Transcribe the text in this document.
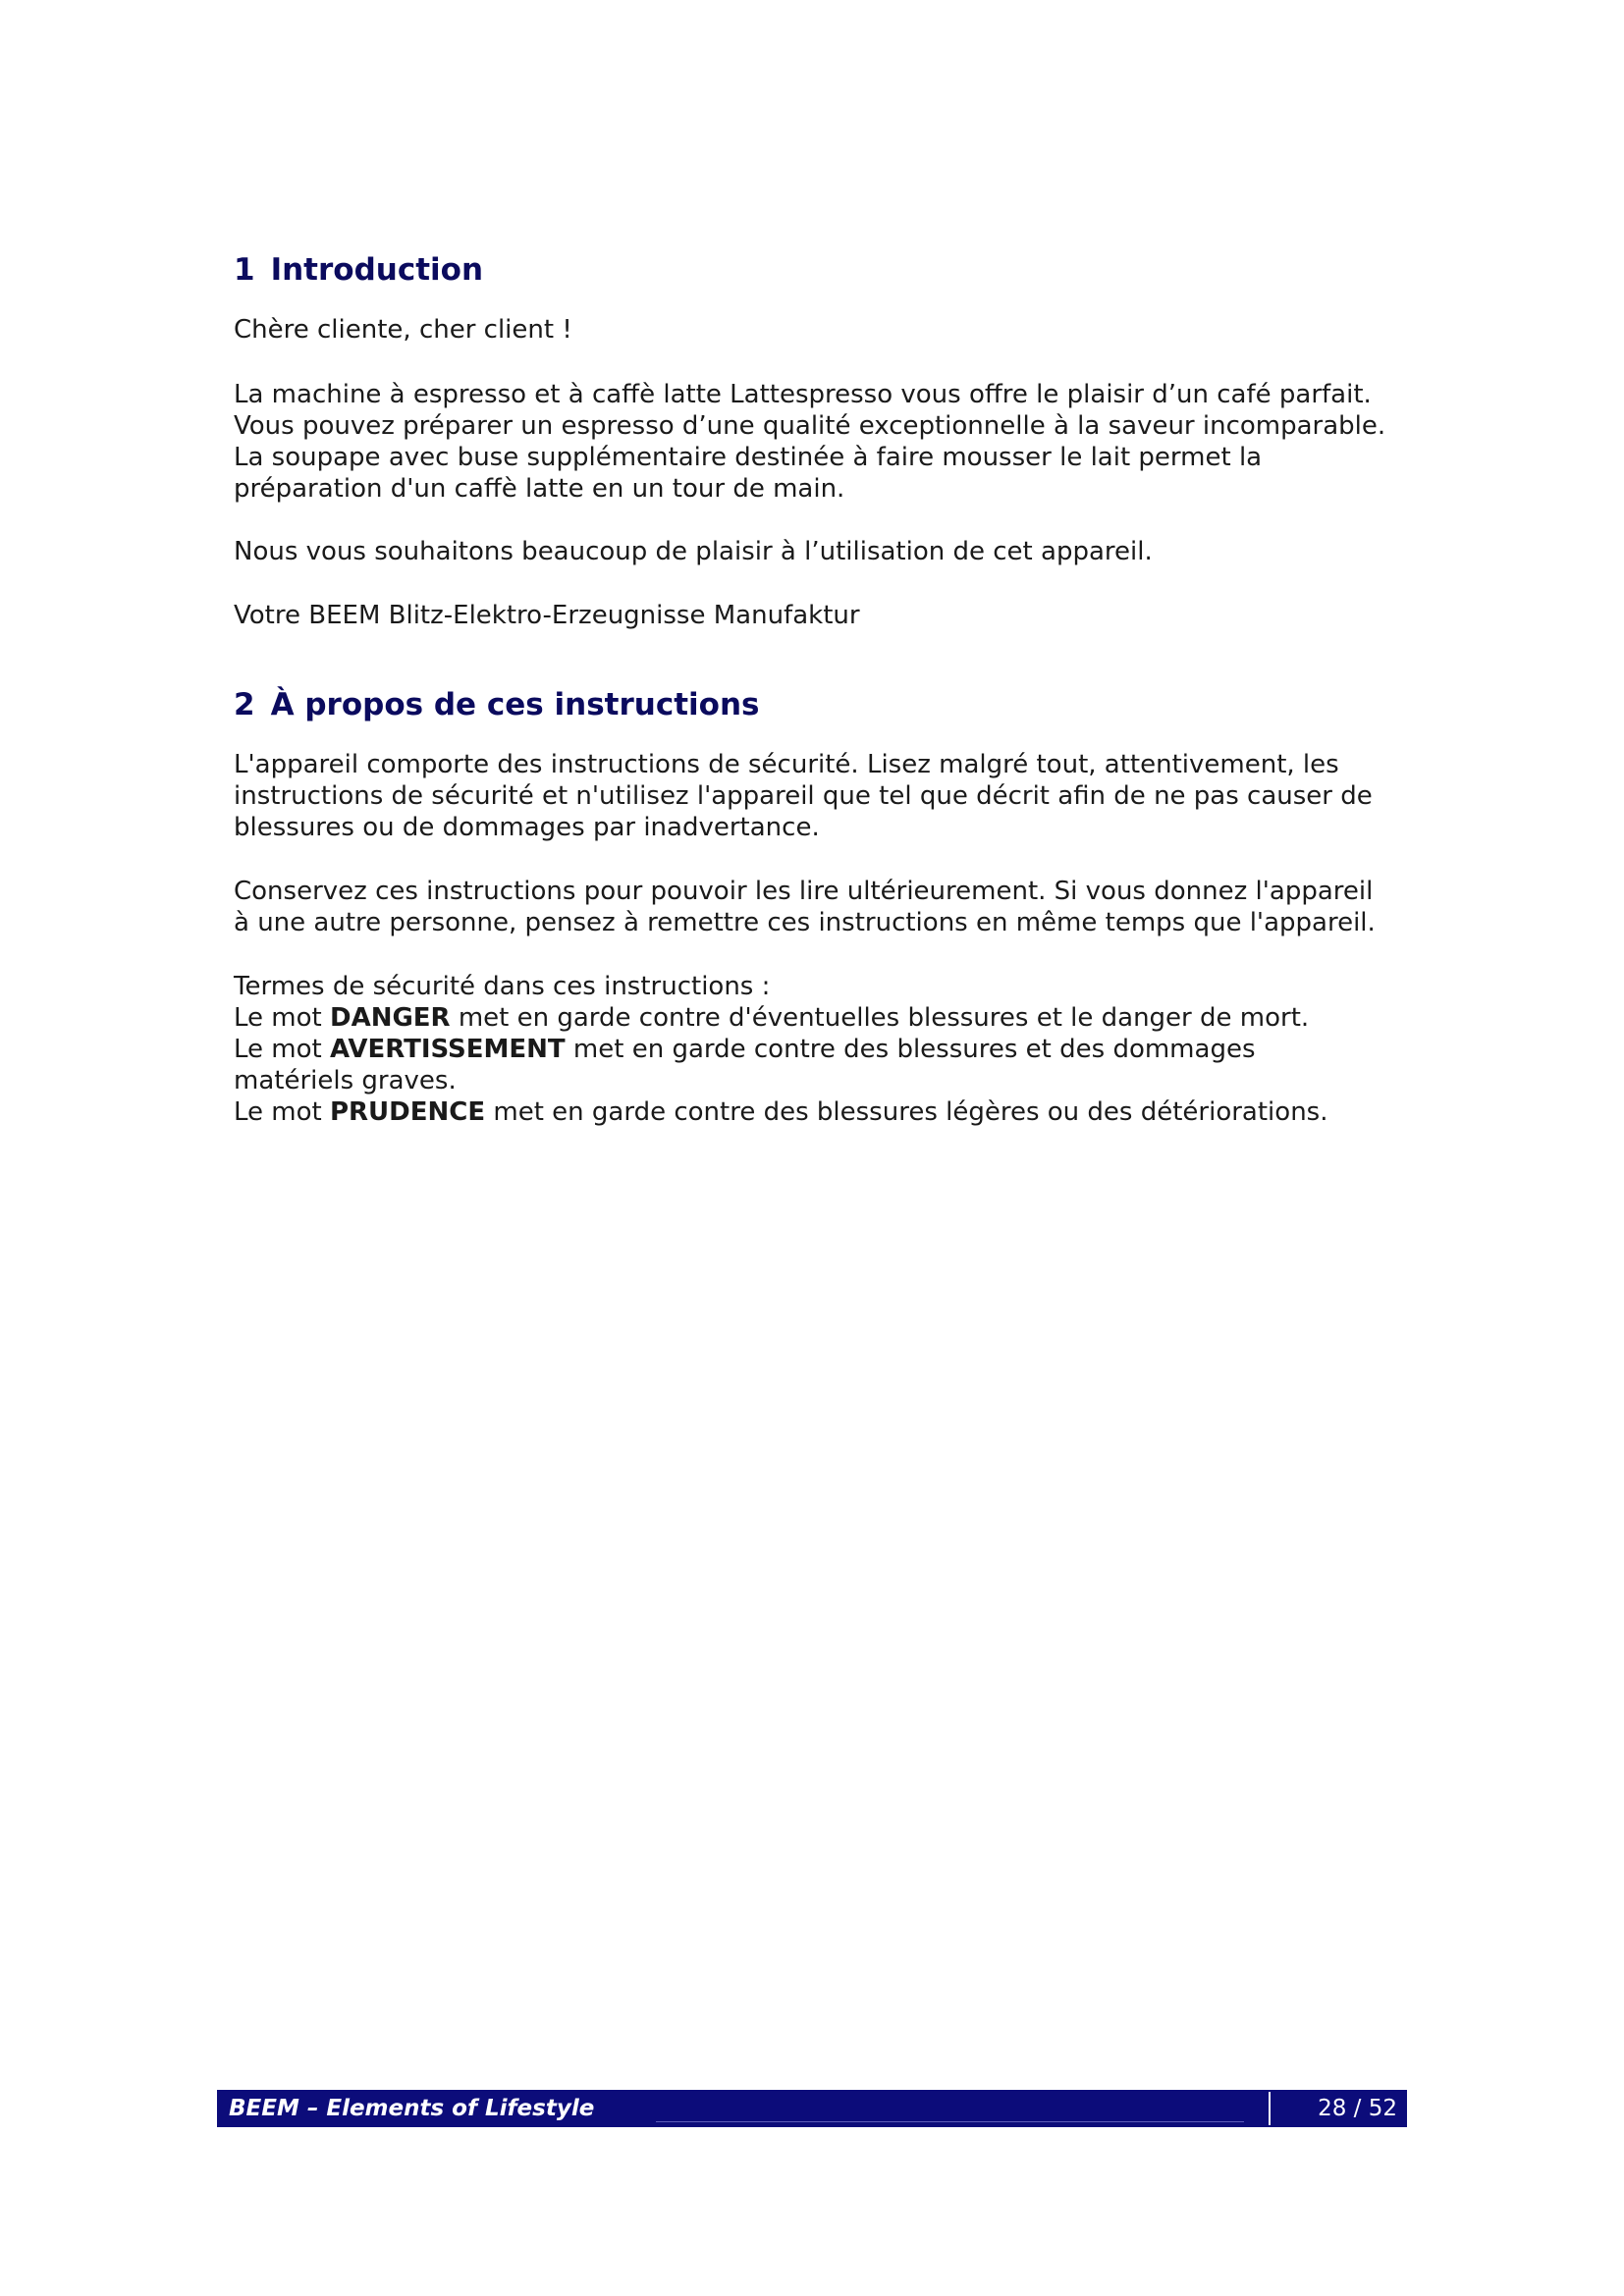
1 Introduction

Chère cliente, cher client !

La machine à espresso et à caffè latte Lattespresso vous offre le plaisir d’un café parfait.
Vous pouvez préparer un espresso d’une qualité exceptionnelle à la saveur incomparable.
La soupape avec buse supplémentaire destinée à faire mousser le lait permet la
préparation d'un caffè latte en un tour de main.

Nous vous souhaitons beaucoup de plaisir à l’utilisation de cet appareil.

Votre BEEM Blitz-Elektro-Erzeugnisse Manufaktur

2 À propos de ces instructions

L'appareil comporte des instructions de sécurité. Lisez malgré tout, attentivement, les
instructions de sécurité et n'utilisez l'appareil que tel que décrit afin de ne pas causer de
blessures ou de dommages par inadvertance.

Conservez ces instructions pour pouvoir les lire ultérieurement. Si vous donnez l'appareil
à une autre personne, pensez à remettre ces instructions en même temps que l'appareil.

Termes de sécurité dans ces instructions :
Le mot DANGER met en garde contre d'éventuelles blessures et le danger de mort.
Le mot AVERTISSEMENT met en garde contre des blessures et des dommages
matériels graves.
Le mot PRUDENCE met en garde contre des blessures légères ou des détériorations.

BEEM – Elements of Lifestyle	28 / 52
